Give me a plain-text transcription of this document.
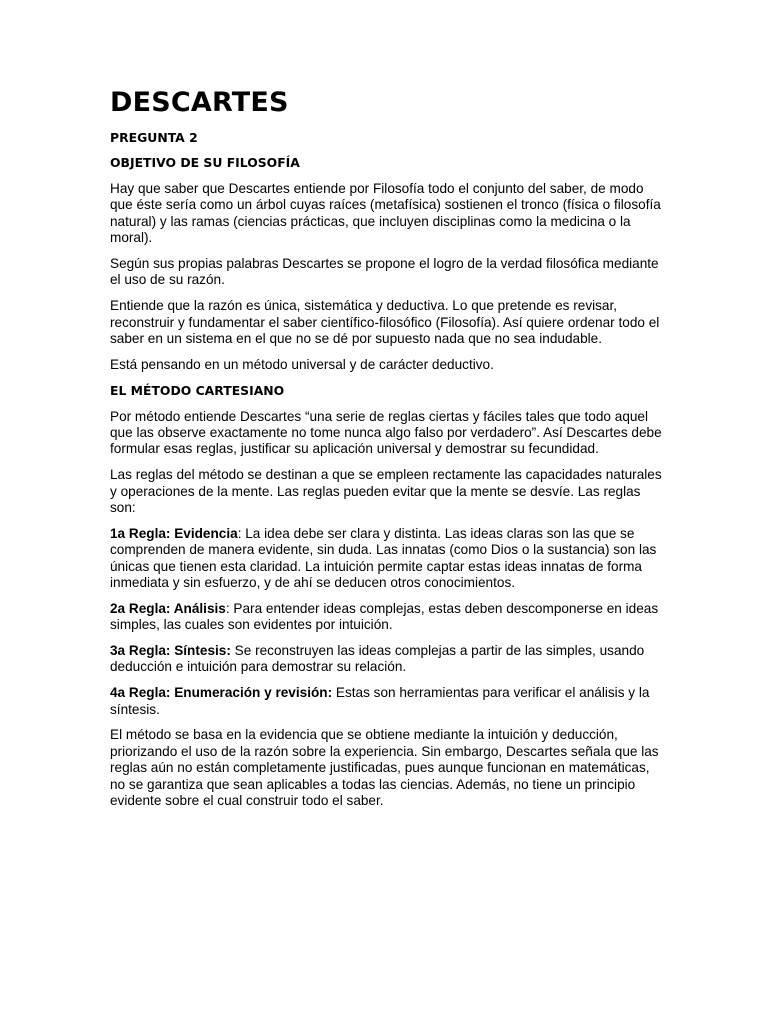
DESCARTES
PREGUNTA 2
OBJETIVO DE SU FILOSOFÍA

Hay que saber que Descartes entiende por Filosofía todo el conjunto del saber, de modo que éste sería como un árbol cuyas raíces (metafísica) sostienen el tronco (física o filosofía natural) y las ramas (ciencias prácticas, que incluyen disciplinas como la medicina o la moral).

Según sus propias palabras Descartes se propone el logro de la verdad filosófica mediante el uso de su razón.

Entiende que la razón es única, sistemática y deductiva. Lo que pretende es revisar, reconstruir y fundamentar el saber científico-filosófico (Filosofía). Así quiere ordenar todo el saber en un sistema en el que no se dé por supuesto nada que no sea indudable.

Está pensando en un método universal y de carácter deductivo.

EL MÉTODO CARTESIANO

Por método entiende Descartes “una serie de reglas ciertas y fáciles tales que todo aquel que las observe exactamente no tome nunca algo falso por verdadero”. Así Descartes debe formular esas reglas, justificar su aplicación universal y demostrar su fecundidad.

Las reglas del método se destinan a que se empleen rectamente las capacidades naturales y operaciones de la mente. Las reglas pueden evitar que la mente se desvíe. Las reglas son:

1a Regla: Evidencia: La idea debe ser clara y distinta. Las ideas claras son las que se comprenden de manera evidente, sin duda. Las innatas (como Dios o la sustancia) son las únicas que tienen esta claridad. La intuición permite captar estas ideas innatas de forma inmediata y sin esfuerzo, y de ahí se deducen otros conocimientos.

2a Regla: Análisis: Para entender ideas complejas, estas deben descomponerse en ideas simples, las cuales son evidentes por intuición.

3a Regla: Síntesis: Se reconstruyen las ideas complejas a partir de las simples, usando deducción e intuición para demostrar su relación.

4a Regla: Enumeración y revisión: Estas son herramientas para verificar el análisis y la síntesis.

El método se basa en la evidencia que se obtiene mediante la intuición y deducción, priorizando el uso de la razón sobre la experiencia. Sin embargo, Descartes señala que las reglas aún no están completamente justificadas, pues aunque funcionan en matemáticas, no se garantiza que sean aplicables a todas las ciencias. Además, no tiene un principio evidente sobre el cual construir todo el saber.
